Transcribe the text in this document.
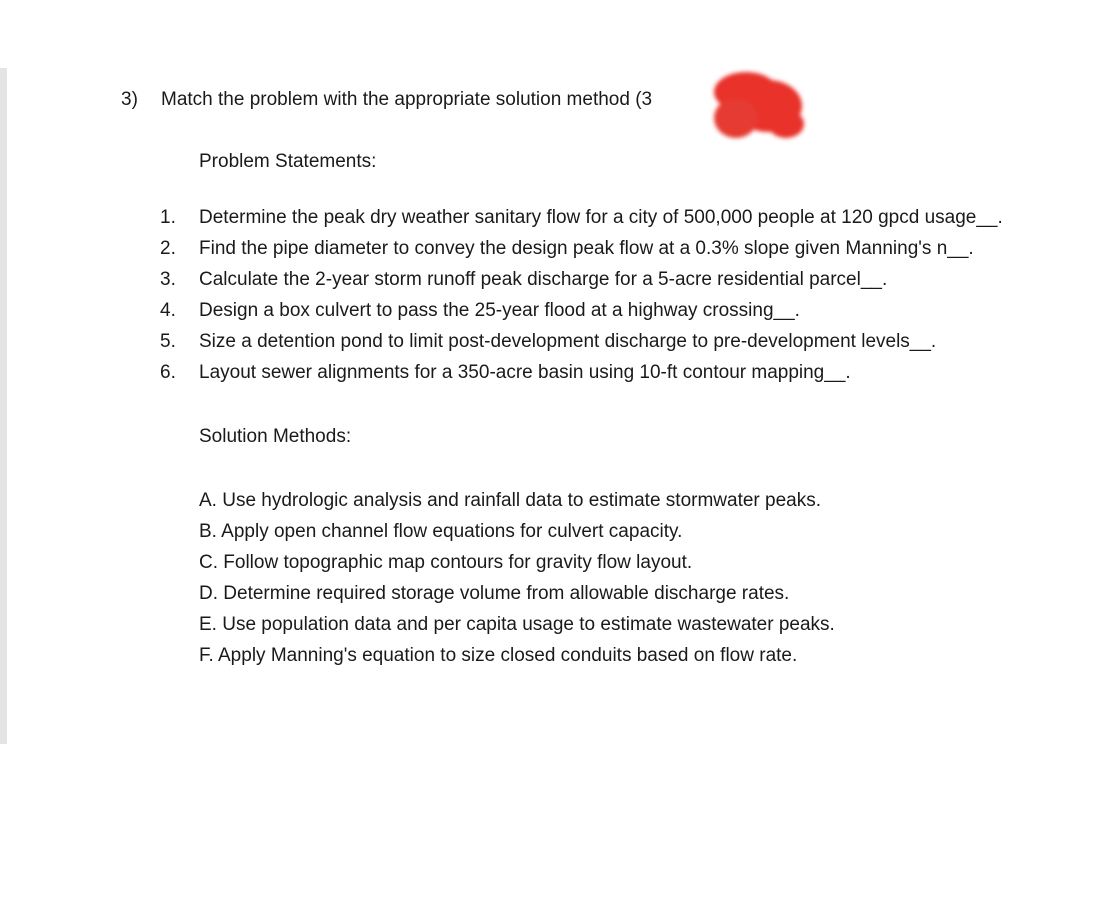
3) Match the problem with the appropriate solution method (3
Problem Statements:
1. Determine the peak dry weather sanitary flow for a city of 500,000 people at 120 gpcd usage__.
2. Find the pipe diameter to convey the design peak flow at a 0.3% slope given Manning's n__.
3. Calculate the 2-year storm runoff peak discharge for a 5-acre residential parcel__.
4. Design a box culvert to pass the 25-year flood at a highway crossing__.
5. Size a detention pond to limit post-development discharge to pre-development levels__.
6. Layout sewer alignments for a 350-acre basin using 10-ft contour mapping__.
Solution Methods:
A. Use hydrologic analysis and rainfall data to estimate stormwater peaks.
B. Apply open channel flow equations for culvert capacity.
C. Follow topographic map contours for gravity flow layout.
D. Determine required storage volume from allowable discharge rates.
E. Use population data and per capita usage to estimate wastewater peaks.
F. Apply Manning's equation to size closed conduits based on flow rate.
